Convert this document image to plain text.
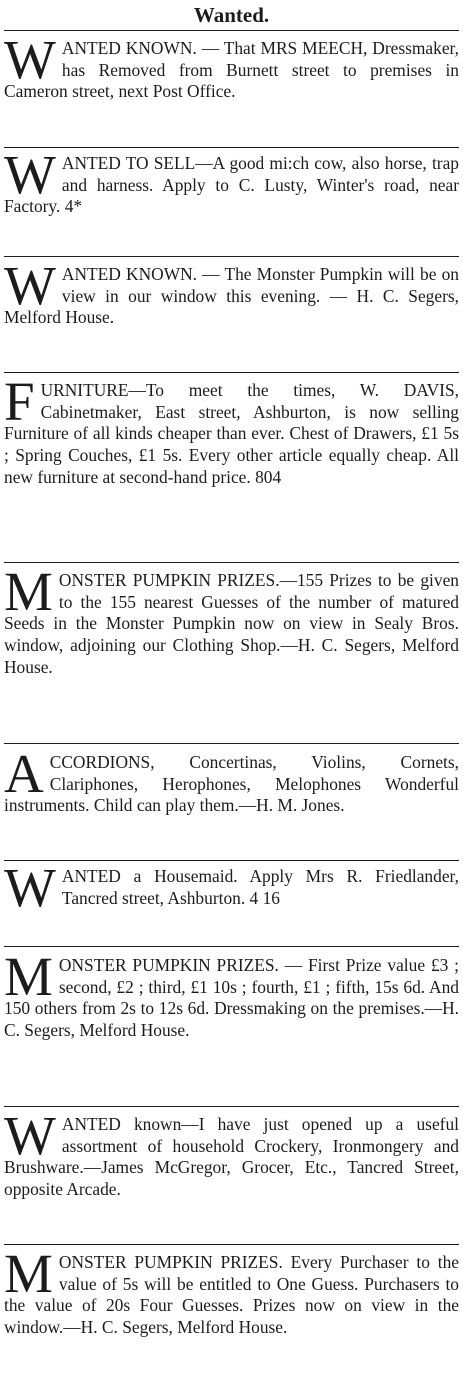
Wanted.
WANTED KNOWN. — That MRS MEECH, Dressmaker, has Removed from Burnett street to premises in Cameron street, next Post Office.
WANTED TO SELL—A good mi:ch cow, also horse, trap and harness. Apply to C. Lusty, Winter's road, near Factory. 4*
WANTED KNOWN. — The Monster Pumpkin will be on view in our window this evening. — H. C. Segers, Melford House.
FURNITURE—To meet the times, W. DAVIS, Cabinetmaker, East street, Ashburton, is now selling Furniture of all kinds cheaper than ever. Chest of Drawers, £1 5s ; Spring Couches, £1 5s. Every other article equally cheap. All new furniture at second-hand price. 804
MONSTER PUMPKIN PRIZES.—155 Prizes to be given to the 155 nearest Guesses of the number of matured Seeds in the Monster Pumpkin now on view in Sealy Bros. window, adjoining our Clothing Shop.—H. C. Segers, Melford House.
ACCORDIONS, Concertinas, Violins, Cornets, Clariphones, Herophones, Melophones Wonderful instruments. Child can play them.—H. M. Jones.
WANTED a Housemaid. Apply Mrs R. Friedlander, Tancred street, Ashburton. 4 16
MONSTER PUMPKIN PRIZES. — First Prize value £3 ; second, £2 ; third, £1 10s ; fourth, £1 ; fifth, 15s 6d. And 150 others from 2s to 12s 6d. Dressmaking on the premises.—H. C. Segers, Melford House.
WANTED known—I have just opened up a useful assortment of household Crockery, Ironmongery and Brushware.—James McGregor, Grocer, Etc., Tancred Street, opposite Arcade.
MONSTER PUMPKIN PRIZES. Every Purchaser to the value of 5s will be entitled to One Guess. Purchasers to the value of 20s Four Guesses. Prizes now on view in the window.—H. C. Segers, Melford House.
